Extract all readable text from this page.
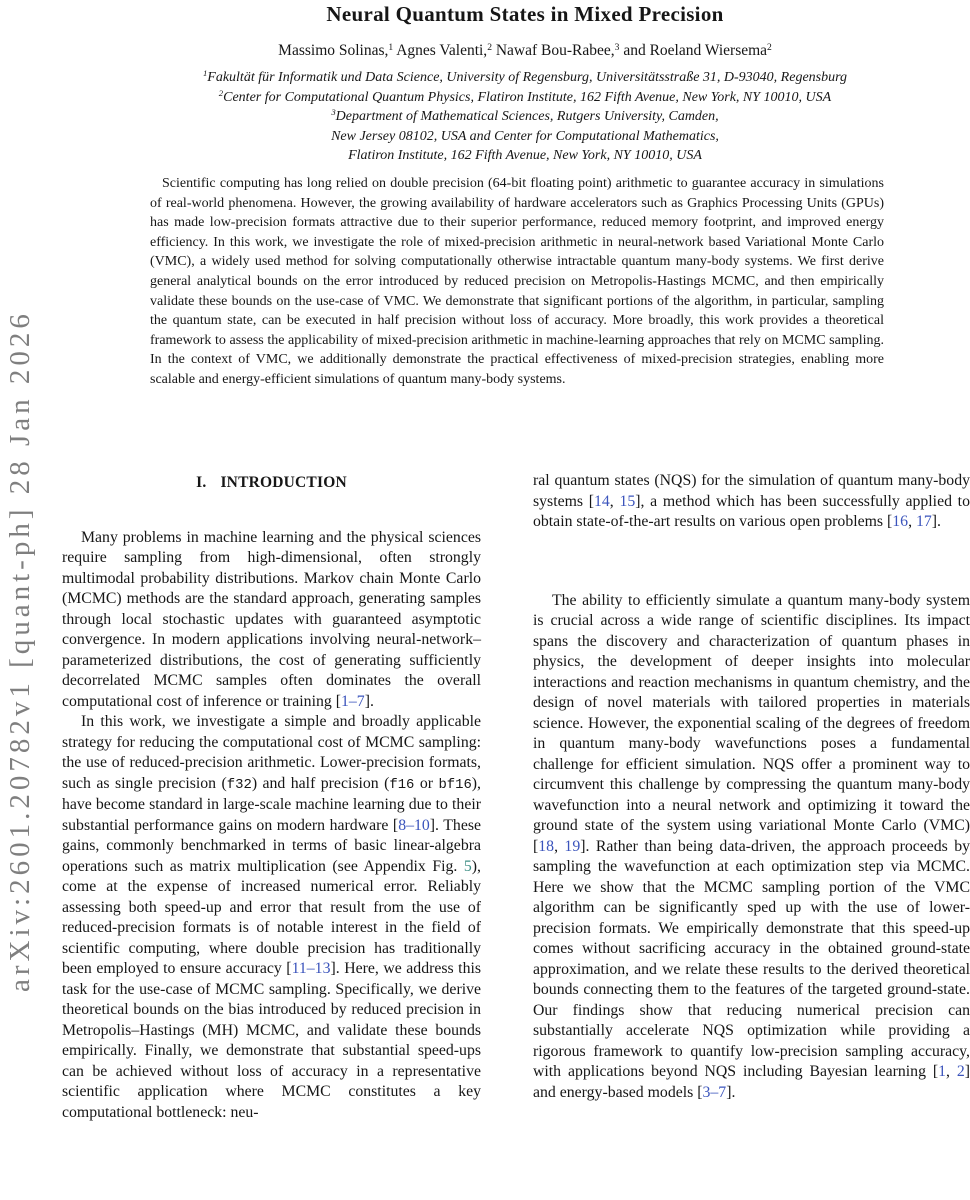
arXiv:2601.20782v1 [quant-ph] 28 Jan 2026
Neural Quantum States in Mixed Precision
Massimo Solinas,$^1$ Agnes Valenti,$^2$ Nawaf Bou-Rabee,$^3$ and Roeland Wiersema$^2$
$^1$Fakultät für Informatik und Data Science, University of Regensburg, Universitätsstraße 31, D-93040, Regensburg
$^2$Center for Computational Quantum Physics, Flatiron Institute, 162 Fifth Avenue, New York, NY 10010, USA
$^3$Department of Mathematical Sciences, Rutgers University, Camden,
New Jersey 08102, USA and Center for Computational Mathematics,
Flatiron Institute, 162 Fifth Avenue, New York, NY 10010, USA
Scientific computing has long relied on double precision (64-bit floating point) arithmetic to guarantee accuracy in simulations of real-world phenomena. However, the growing availability of hardware accelerators such as Graphics Processing Units (GPUs) has made low-precision formats attractive due to their superior performance, reduced memory footprint, and improved energy efficiency. In this work, we investigate the role of mixed-precision arithmetic in neural-network based Variational Monte Carlo (VMC), a widely used method for solving computationally otherwise intractable quantum many-body systems. We first derive general analytical bounds on the error introduced by reduced precision on Metropolis-Hastings MCMC, and then empirically validate these bounds on the use-case of VMC. We demonstrate that significant portions of the algorithm, in particular, sampling the quantum state, can be executed in half precision without loss of accuracy. More broadly, this work provides a theoretical framework to assess the applicability of mixed-precision arithmetic in machine-learning approaches that rely on MCMC sampling. In the context of VMC, we additionally demonstrate the practical effectiveness of mixed-precision strategies, enabling more scalable and energy-efficient simulations of quantum many-body systems.
I. INTRODUCTION

Many problems in machine learning and the physical sciences require sampling from high-dimensional, often strongly multimodal probability distributions. Markov chain Monte Carlo (MCMC) methods are the standard approach, generating samples through local stochastic updates with guaranteed asymptotic convergence. In modern applications involving neural-network–parameterized distributions, the cost of generating sufficiently decorrelated MCMC samples often dominates the overall computational cost of inference or training [1–7].

In this work, we investigate a simple and broadly applicable strategy for reducing the computational cost of MCMC sampling: the use of reduced-precision arithmetic. Lower-precision formats, such as single precision (f32) and half precision (f16 or bf16), have become standard in large-scale machine learning due to their substantial performance gains on modern hardware [8–10]. These gains, commonly benchmarked in terms of basic linear-algebra operations such as matrix multiplication (see Appendix Fig. 5), come at the expense of increased numerical error. Reliably assessing both speed-up and error that result from the use of reduced-precision formats is of notable interest in the field of scientific computing, where double precision has traditionally been employed to ensure accuracy [11–13]. Here, we address this task for the use-case of MCMC sampling. Specifically, we derive theoretical bounds on the bias introduced by reduced precision in Metropolis–Hastings (MH) MCMC, and validate these bounds empirically. Finally, we demonstrate that substantial speed-ups can be achieved without loss of accuracy in a representative scientific application where MCMC constitutes a key computational bottleneck: neu-

ral quantum states (NQS) for the simulation of quantum many-body systems [14, 15], a method which has been successfully applied to obtain state-of-the-art results on various open problems [16, 17].

The ability to efficiently simulate a quantum many-body system is crucial across a wide range of scientific disciplines. Its impact spans the discovery and characterization of quantum phases in physics, the development of deeper insights into molecular interactions and reaction mechanisms in quantum chemistry, and the design of novel materials with tailored properties in materials science. However, the exponential scaling of the degrees of freedom in quantum many-body wavefunctions poses a fundamental challenge for efficient simulation. NQS offer a prominent way to circumvent this challenge by compressing the quantum many-body wavefunction into a neural network and optimizing it toward the ground state of the system using variational Monte Carlo (VMC) [18, 19]. Rather than being data-driven, the approach proceeds by sampling the wavefunction at each optimization step via MCMC. Here we show that the MCMC sampling portion of the VMC algorithm can be significantly sped up with the use of lower-precision formats. We empirically demonstrate that this speed-up comes without sacrificing accuracy in the obtained ground-state approximation, and we relate these results to the derived theoretical bounds connecting them to the features of the targeted ground-state. Our findings show that reducing numerical precision can substantially accelerate NQS optimization while providing a rigorous framework to quantify low-precision sampling accuracy, with applications beyond NQS including Bayesian learning [1, 2] and energy-based models [3–7].
